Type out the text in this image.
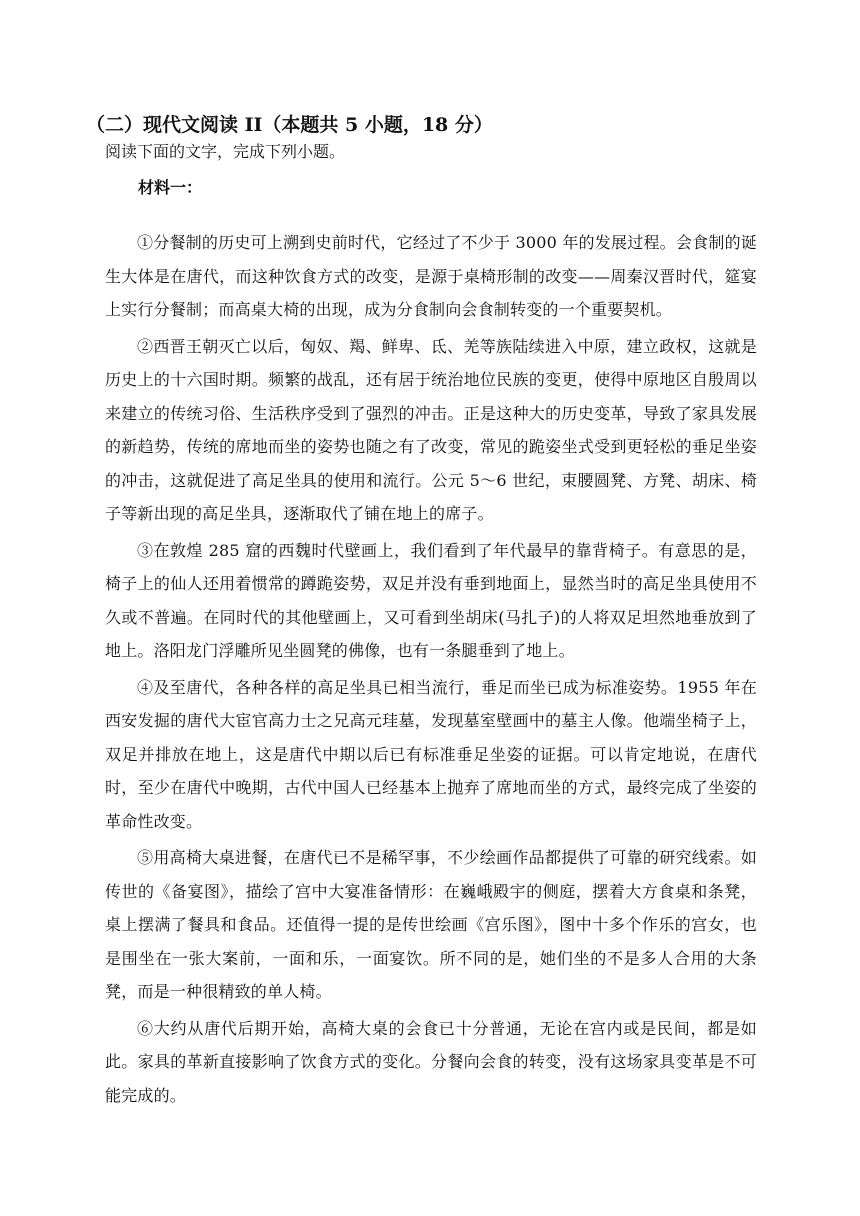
（二）现代文阅读 II（本题共 5 小题，18 分）
阅读下面的文字，完成下列小题。
材料一：

①分餐制的历史可上溯到史前时代，它经过了不少于 3000 年的发展过程。会食制的诞生大体是在唐代，而这种饮食方式的改变，是源于桌椅形制的改变——周秦汉晋时代，筵宴上实行分餐制；而高桌大椅的出现，成为分食制向会食制转变的一个重要契机。

②西晋王朝灭亡以后，匈奴、羯、鲜卑、氐、羌等族陆续进入中原，建立政权，这就是历史上的十六国时期。频繁的战乱，还有居于统治地位民族的变更，使得中原地区自殷周以来建立的传统习俗、生活秩序受到了强烈的冲击。正是这种大的历史变革，导致了家具发展的新趋势，传统的席地而坐的姿势也随之有了改变，常见的跪姿坐式受到更轻松的垂足坐姿的冲击，这就促进了高足坐具的使用和流行。公元 5～6 世纪，束腰圆凳、方凳、胡床、椅子等新出现的高足坐具，逐渐取代了铺在地上的席子。

③在敦煌 285 窟的西魏时代壁画上，我们看到了年代最早的靠背椅子。有意思的是，椅子上的仙人还用着惯常的蹲跪姿势，双足并没有垂到地面上，显然当时的高足坐具使用不久或不普遍。在同时代的其他壁画上，又可看到坐胡床(马扎子)的人将双足坦然地垂放到了地上。洛阳龙门浮雕所见坐圆凳的佛像，也有一条腿垂到了地上。

④及至唐代，各种各样的高足坐具已相当流行，垂足而坐已成为标准姿势。1955 年在西安发掘的唐代大宦官高力士之兄高元珪墓，发现墓室壁画中的墓主人像。他端坐椅子上，双足并排放在地上，这是唐代中期以后已有标准垂足坐姿的证据。可以肯定地说，在唐代时，至少在唐代中晚期，古代中国人已经基本上抛弃了席地而坐的方式，最终完成了坐姿的革命性改变。

⑤用高椅大桌进餐，在唐代已不是稀罕事，不少绘画作品都提供了可靠的研究线索。如传世的《备宴图》，描绘了宫中大宴准备情形：在巍峨殿宇的侧庭，摆着大方食桌和条凳，桌上摆满了餐具和食品。还值得一提的是传世绘画《宫乐图》，图中十多个作乐的宫女，也是围坐在一张大案前，一面和乐，一面宴饮。所不同的是，她们坐的不是多人合用的大条凳，而是一种很精致的单人椅。

⑥大约从唐代后期开始，高椅大桌的会食已十分普通，无论在宫内或是民间，都是如此。家具的革新直接影响了饮食方式的变化。分餐向会食的转变，没有这场家具变革是不可能完成的。
